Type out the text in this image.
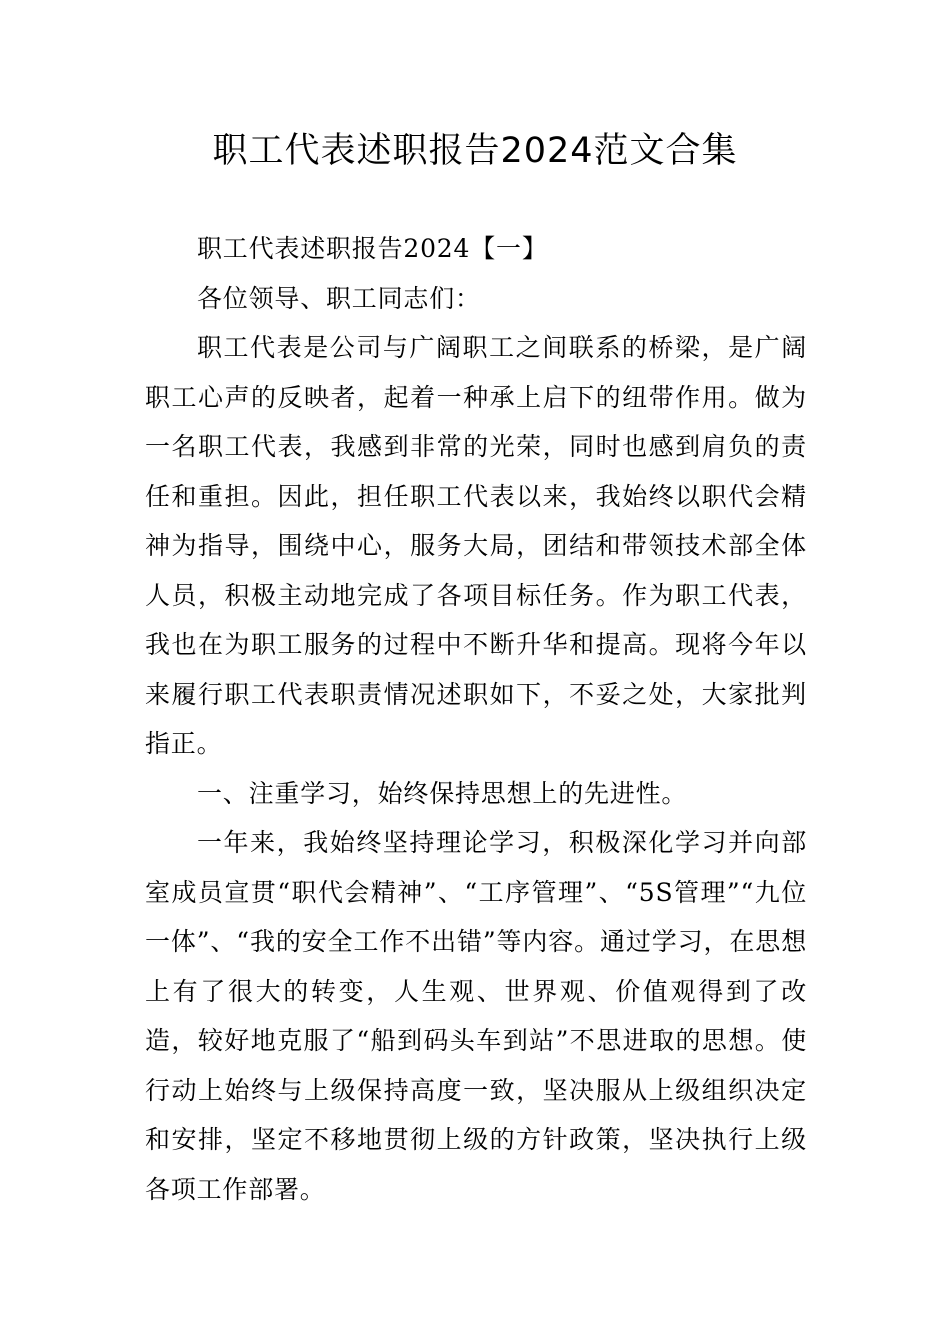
职工代表述职报告2024范文合集

职工代表述职报告2024【一】

各位领导、职工同志们：

职工代表是公司与广阔职工之间联系的桥梁，是广阔职工心声的反映者，起着一种承上启下的纽带作用。做为一名职工代表，我感到非常的光荣，同时也感到肩负的责任和重担。因此，担任职工代表以来，我始终以职代会精神为指导，围绕中心，服务大局，团结和带领技术部全体人员，积极主动地完成了各项目标任务。作为职工代表，我也在为职工服务的过程中不断升华和提高。现将今年以来履行职工代表职责情况述职如下，不妥之处，大家批判指正。

一、注重学习，始终保持思想上的先进性。

一年来，我始终坚持理论学习，积极深化学习并向部室成员宣贯“职代会精神”、“工序管理”、“5S管理”“九位一体”、“我的安全工作不出错”等内容。通过学习，在思想上有了很大的转变，人生观、世界观、价值观得到了改造，较好地克服了“船到码头车到站”不思进取的思想。使行动上始终与上级保持高度一致，坚决服从上级组织决定和安排，坚定不移地贯彻上级的方针政策，坚决执行上级各项工作部署。
